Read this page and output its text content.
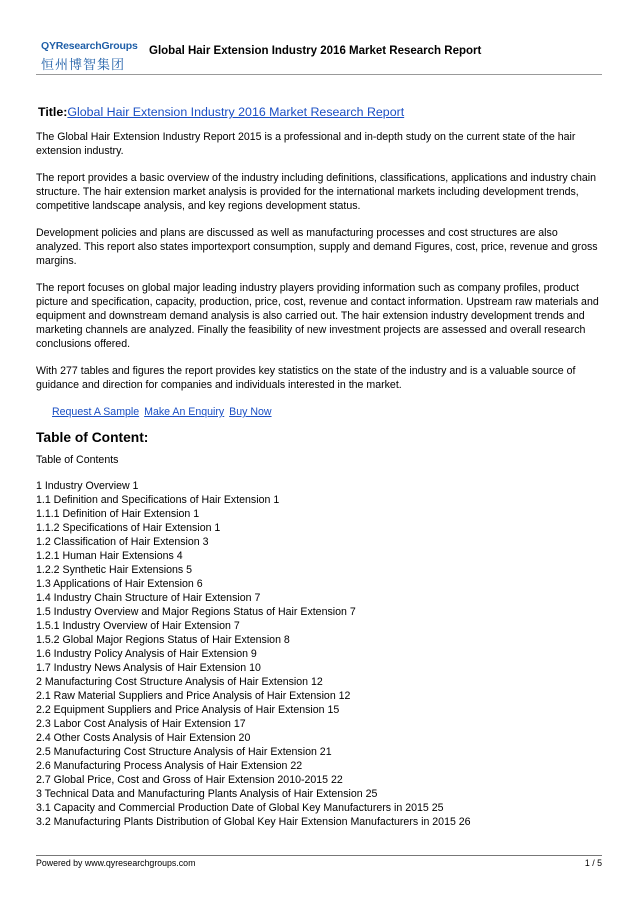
QYResearchGroups
恒州博智集团
Global Hair Extension Industry 2016 Market Research Report
Title:Global Hair Extension Industry 2016 Market Research Report

The Global Hair Extension Industry Report 2015 is a professional and in-depth study on the current state of the hair extension industry.

The report provides a basic overview of the industry including definitions, classifications, applications and industry chain structure. The hair extension market analysis is provided for the international markets including development trends, competitive landscape analysis, and key regions development status.

Development policies and plans are discussed as well as manufacturing processes and cost structures are also analyzed. This report also states importexport consumption, supply and demand Figures, cost, price, revenue and gross margins.

The report focuses on global major leading industry players providing information such as company profiles, product picture and specification, capacity, production, price, cost, revenue and contact information. Upstream raw materials and equipment and downstream demand analysis is also carried out. The hair extension industry development trends and marketing channels are analyzed. Finally the feasibility of new investment projects are assessed and overall research conclusions offered.

With 277 tables and figures the report provides key statistics on the state of the industry and is a valuable source of guidance and direction for companies and individuals interested in the market.

Request A Sample Make An Enquiry Buy Now
Table of Content:
Table of Contents
1 Industry Overview 1
1.1 Definition and Specifications of Hair Extension 1
1.1.1 Definition of Hair Extension 1
1.1.2 Specifications of Hair Extension 1
1.2 Classification of Hair Extension 3
1.2.1 Human Hair Extensions 4
1.2.2 Synthetic Hair Extensions 5
1.3 Applications of Hair Extension 6
1.4 Industry Chain Structure of Hair Extension 7
1.5 Industry Overview and Major Regions Status of Hair Extension 7
1.5.1 Industry Overview of Hair Extension 7
1.5.2 Global Major Regions Status of Hair Extension 8
1.6 Industry Policy Analysis of Hair Extension 9
1.7 Industry News Analysis of Hair Extension 10
2 Manufacturing Cost Structure Analysis of Hair Extension 12
2.1 Raw Material Suppliers and Price Analysis of Hair Extension 12
2.2 Equipment Suppliers and Price Analysis of Hair Extension 15
2.3 Labor Cost Analysis of Hair Extension 17
2.4 Other Costs Analysis of Hair Extension 20
2.5 Manufacturing Cost Structure Analysis of Hair Extension 21
2.6 Manufacturing Process Analysis of Hair Extension 22
2.7 Global Price, Cost and Gross of Hair Extension 2010-2015 22
3 Technical Data and Manufacturing Plants Analysis of Hair Extension 25
3.1 Capacity and Commercial Production Date of Global Key Manufacturers in 2015 25
3.2 Manufacturing Plants Distribution of Global Key Hair Extension Manufacturers in 2015 26
Powered by www.qyresearchgroups.com	1 / 5
